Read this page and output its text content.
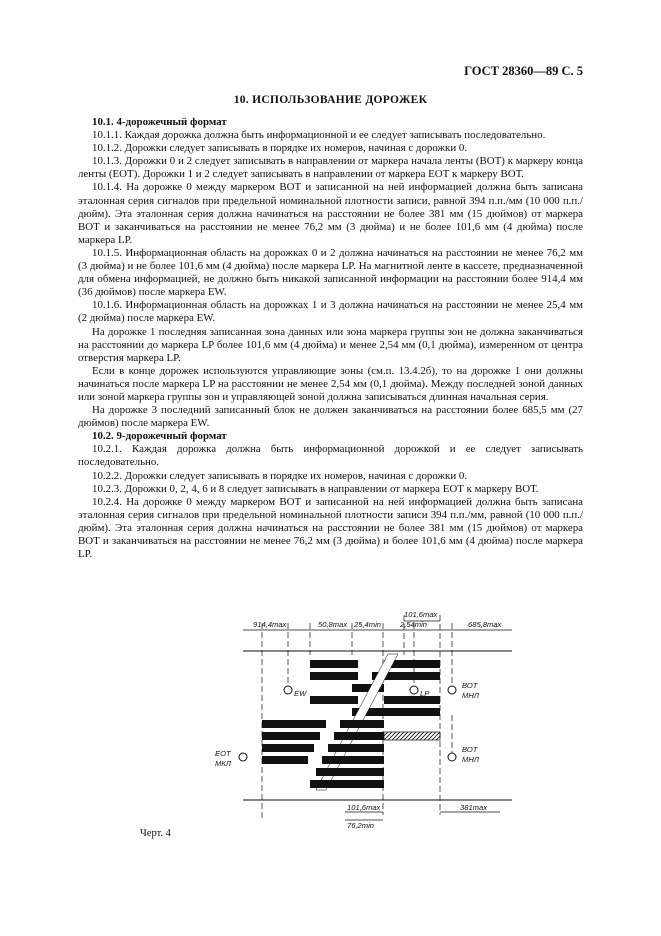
ГОСТ 28360—89 С. 5
10. ИСПОЛЬЗОВАНИЕ ДОРОЖЕК

10.1. 4-дорожечный формат

10.1.1. Каждая дорожка должна быть информационной и ее следует записывать последовательно.

10.1.2. Дорожки следует записывать в порядке их номеров, начиная с дорожки 0.

10.1.3. Дорожки 0 и 2 следует записывать в направлении от маркера начала ленты (ВОТ) к маркеру конца ленты (ЕОТ). Дорожки 1 и 2 следует записывать в направлении от маркера ЕОТ к маркеру ВОТ.

10.1.4. На дорожке 0 между маркером ВОТ и записанной на ней информацией должна быть записана эталонная серия сигналов при предельной номинальной плотности записи, равной 394 п.п./мм (10 000 п.п./дюйм). Эта эталонная серия должна начинаться на расстоянии не более 381 мм (15 дюймов) от маркера ВОТ и заканчиваться на расстоянии не менее 76,2 мм (3 дюйма) и не более 101,6 мм (4 дюйма) после маркера LP.

10.1.5. Информационная область на дорожках 0 и 2 должна начинаться на расстоянии не менее 76,2 мм (3 дюйма) и не более 101,6 мм (4 дюйма) после маркера LP. На магнитной ленте в кассете, предназначенной для обмена информацией, не должно быть никакой записанной информации на расстоянии более 914,4 мм (36 дюймов) после маркера EW.

10.1.6. Информационная область на дорожках 1 и 3 должна начинаться на расстоянии не менее 25,4 мм (2 дюйма) после маркера EW.

На дорожке 1 последняя записанная зона данных или зона маркера группы зон не должна заканчиваться на расстоянии до маркера LP более 101,6 мм (4 дюйма) и менее 2,54 мм (0,1 дюйма), измеренном от центра отверстия маркера LP.

Если в конце дорожек используются управляющие зоны (см.п. 13.4.2б), то на дорожке 1 они должны начинаться после маркера LP на расстоянии не менее 2,54 мм (0,1 дюйма). Между последней зоной данных или зоной маркера группы зон и управляющей зоной должна записываться длинная начальная серия.

На дорожке 3 последний записанный блок не должен заканчиваться на расстоянии более 685,5 мм (27 дюймов) после маркера EW.

10.2. 9-дорожечный формат

10.2.1. Каждая дорожка должна быть информационной дорожкой и ее следует записывать последовательно.

10.2.2. Дорожки следует записывать в порядке их номеров, начиная с дорожки 0.

10.2.3. Дорожки 0, 2, 4, 6 и 8 следует записывать в направлении от маркера ЕОТ к маркеру ВОТ.

10.2.4. На дорожке 0 между маркером ВОТ и записанной на ней информацией должна быть записана эталонная серия сигналов при предельной номинальной плотности записи 394 п.п./мм, равной (10 000 п.п./дюйм). Эта эталонная серия должна начинаться на расстоянии не более 381 мм (15 дюймов) от маркера ВОТ и заканчиваться на расстоянии не менее 76,2 мм (3 дюйма) и более 101,6 мм (4 дюйма) после маркера LP.

914,4max	50,8max 25,4min
101,6max
2,54min	685,8max
EW	LP
ВОТ
МНЛ
ЕОТ
МКЛ
ВОТ
МНЛ
101,6max
76,2min
381max
Черт. 4
